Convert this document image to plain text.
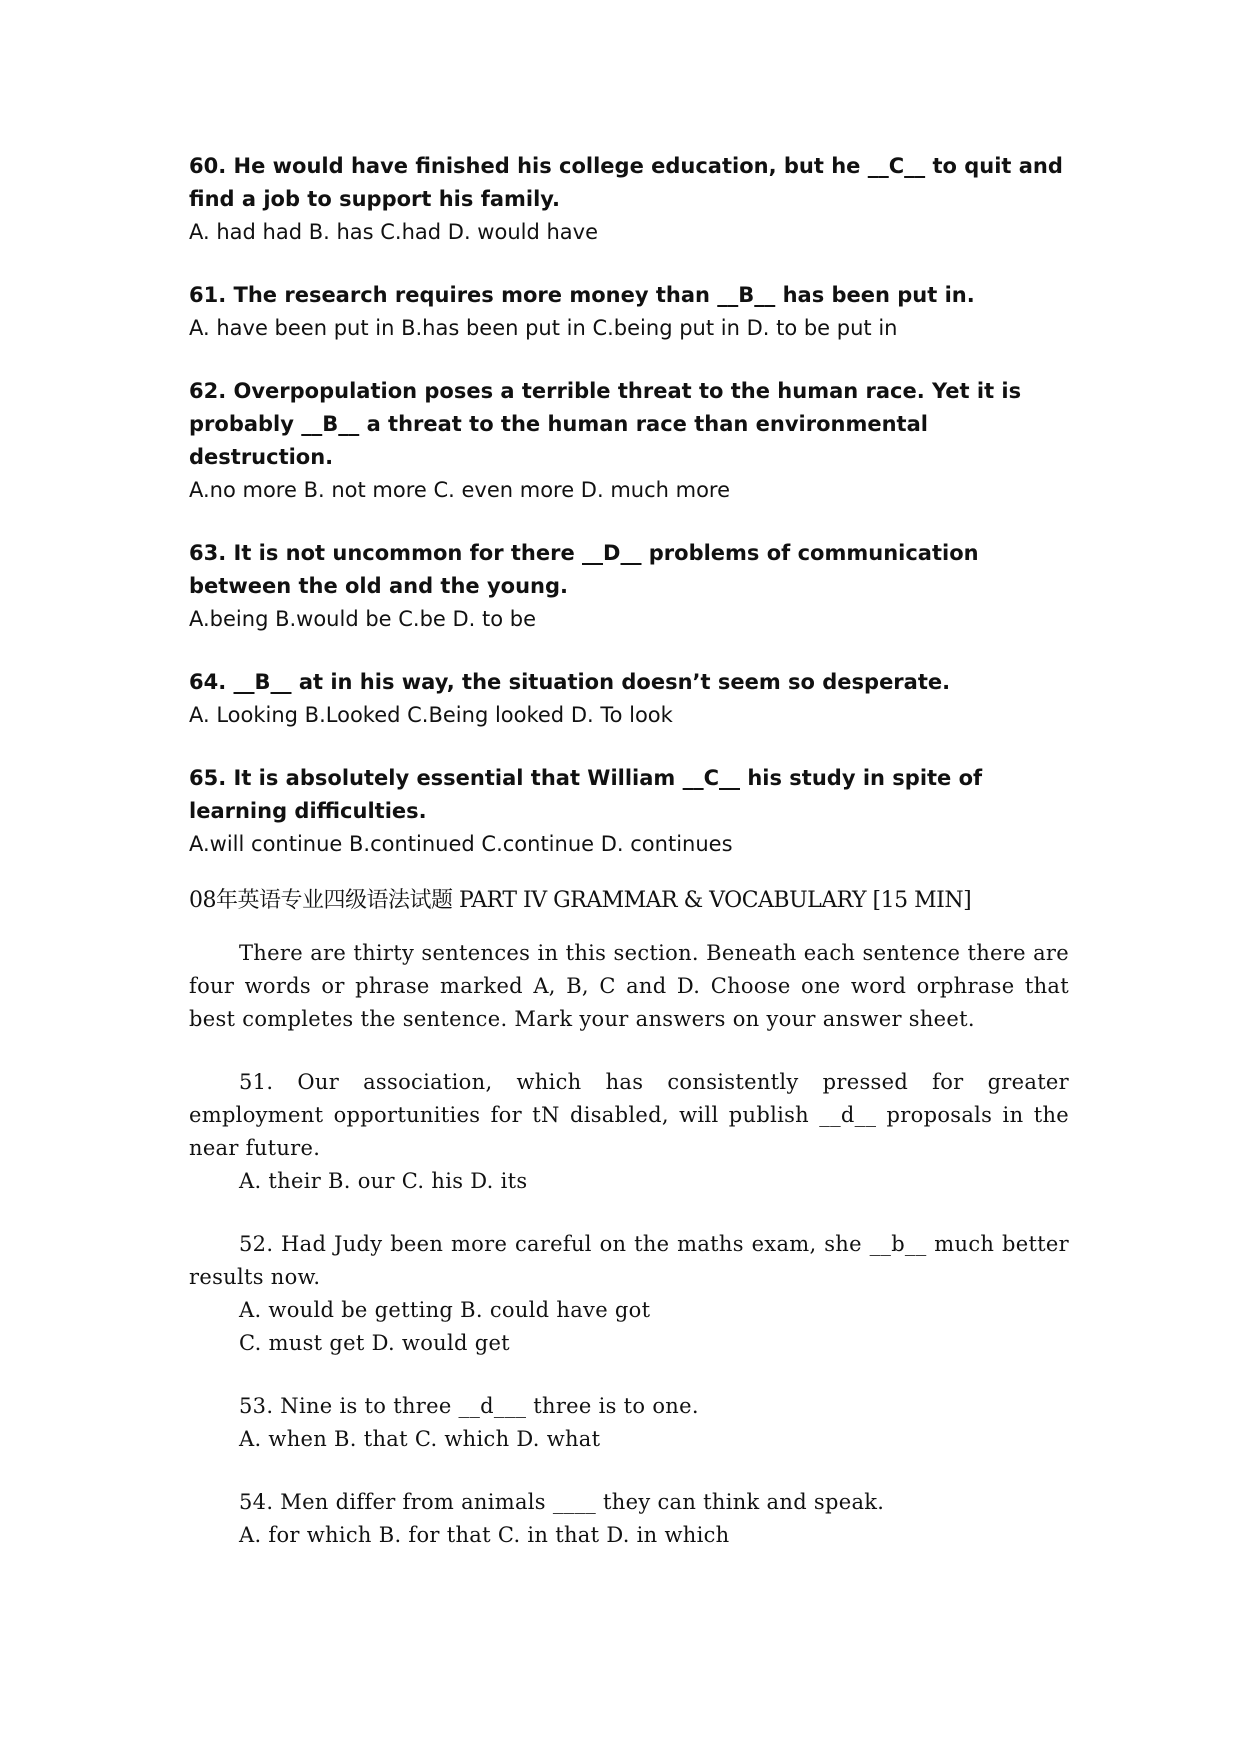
60. He would have finished his college education, but he __C__ to quit and find a job to support his family.

A. had had B. has C.had D. would have

61. The research requires more money than __B__ has been put in.

A. have been put in B.has been put in C.being put in D. to be put in

62. Overpopulation poses a terrible threat to the human race. Yet it is probably __B__ a threat to the human race than environmental destruction.

A.no more B. not more C. even more D. much more

63. It is not uncommon for there __D__ problems of communication between the old and the young.

A.being B.would be C.be D. to be

64. __B__ at in his way, the situation doesn’t seem so desperate.

A. Looking B.Looked C.Being looked D. To look

65. It is absolutely essential that William __C__ his study in spite of learning difficulties.

A.will continue B.continued C.continue D. continues

08年英语专业四级语法试题 PART IV GRAMMAR & VOCABULARY [15 MIN]

There are thirty sentences in this section. Beneath each sentence there are four words or phrase marked A, B, C and D. Choose one word orphrase that best completes the sentence. Mark your answers on your answer sheet.

51. Our association, which has consistently pressed for greater employment opportunities for tN disabled, will publish __d__ proposals in the near future.

A. their B. our C. his D. its

52. Had Judy been more careful on the maths exam, she __b__ much better results now.

A. would be getting B. could have got

C. must get D. would get

53. Nine is to three __d___ three is to one.

A. when B. that C. which D. what

54. Men differ from animals ____ they can think and speak.

A. for which B. for that C. in that D. in which
